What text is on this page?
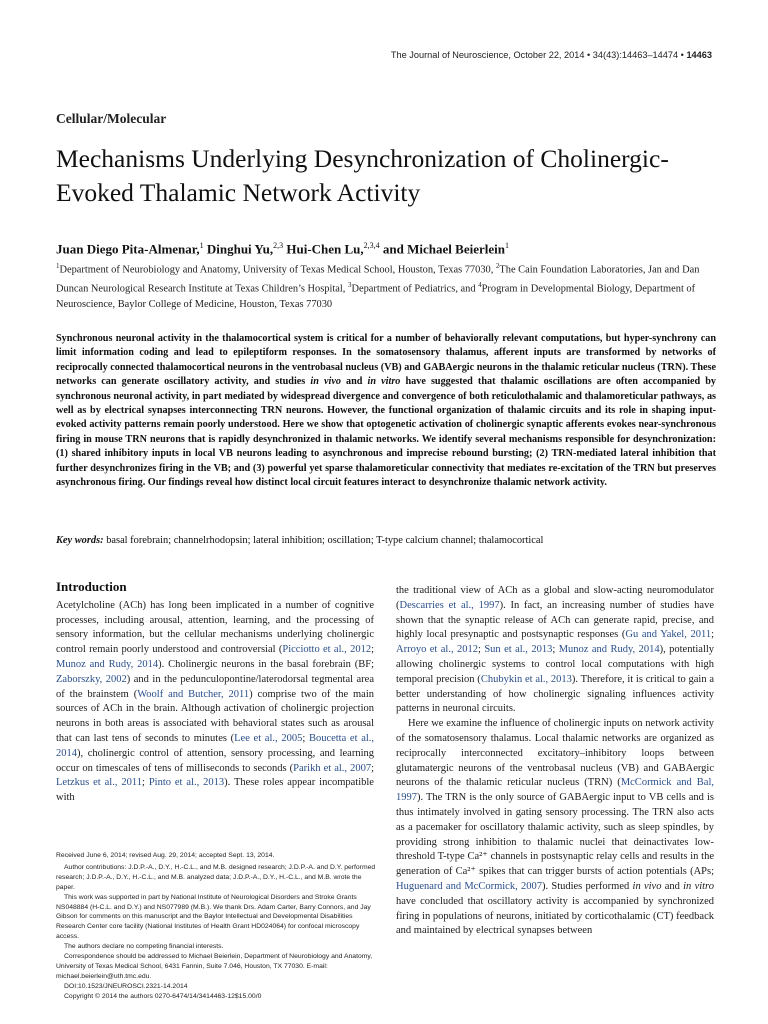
The Journal of Neuroscience, October 22, 2014 • 34(43):14463–14474 • 14463
Cellular/Molecular
Mechanisms Underlying Desynchronization of Cholinergic-Evoked Thalamic Network Activity
Juan Diego Pita-Almenar,$^1$ Dinghui Yu,$^{2,3}$ Hui-Chen Lu,$^{2,3,4}$ and Michael Beierlein$^1$
$^1$Department of Neurobiology and Anatomy, University of Texas Medical School, Houston, Texas 77030, $^2$The Cain Foundation Laboratories, Jan and Dan Duncan Neurological Research Institute at Texas Children’s Hospital, $^3$Department of Pediatrics, and $^4$Program in Developmental Biology, Department of Neuroscience, Baylor College of Medicine, Houston, Texas 77030

Synchronous neuronal activity in the thalamocortical system is critical for a number of behaviorally relevant computations, but hyper-synchrony can limit information coding and lead to epileptiform responses. In the somatosensory thalamus, afferent inputs are transformed by networks of reciprocally connected thalamocortical neurons in the ventrobasal nucleus (VB) and GABAergic neurons in the thalamic reticular nucleus (TRN). These networks can generate oscillatory activity, and studies in vivo and in vitro have suggested that thalamic oscillations are often accompanied by synchronous neuronal activity, in part mediated by widespread divergence and convergence of both reticulothalamic and thalamoreticular pathways, as well as by electrical synapses interconnecting TRN neurons. However, the functional organization of thalamic circuits and its role in shaping input-evoked activity patterns remain poorly understood. Here we show that optogenetic activation of cholinergic synaptic afferents evokes near-synchronous firing in mouse TRN neurons that is rapidly desynchronized in thalamic networks. We identify several mechanisms responsible for desynchronization: (1) shared inhibitory inputs in local VB neurons leading to asynchronous and imprecise rebound bursting; (2) TRN-mediated lateral inhibition that further desynchronizes firing in the VB; and (3) powerful yet sparse thalamoreticular connectivity that mediates re-excitation of the TRN but preserves asynchronous firing. Our findings reveal how distinct local circuit features interact to desynchronize thalamic network activity.

Key words: basal forebrain; channelrhodopsin; lateral inhibition; oscillation; T-type calcium channel; thalamocortical
Introduction

Acetylcholine (ACh) has long been implicated in a number of cognitive processes, including arousal, attention, learning, and the processing of sensory information, but the cellular mechanisms underlying cholinergic control remain poorly understood and controversial (Picciotto et al., 2012; Munoz and Rudy, 2014). Cholinergic neurons in the basal forebrain (BF; Zaborszky, 2002) and in the pedunculopontine/laterodorsal tegmental area of the brainstem (Woolf and Butcher, 2011) comprise two of the main sources of ACh in the brain. Although activation of cholinergic projection neurons in both areas is associated with behavioral states such as arousal that can last tens of seconds to minutes (Lee et al., 2005; Boucetta et al., 2014), cholinergic control of attention, sensory processing, and learning occur on timescales of tens of milliseconds to seconds (Parikh et al., 2007; Letzkus et al., 2011; Pinto et al., 2013). These roles appear incompatible with

the traditional view of ACh as a global and slow-acting neuromodulator (Descarries et al., 1997). In fact, an increasing number of studies have shown that the synaptic release of ACh can generate rapid, precise, and highly local presynaptic and postsynaptic responses (Gu and Yakel, 2011; Arroyo et al., 2012; Sun et al., 2013; Munoz and Rudy, 2014), potentially allowing cholinergic systems to control local computations with high temporal precision (Chubykin et al., 2013). Therefore, it is critical to gain a better understanding of how cholinergic signaling influences activity patterns in neuronal circuits.

Here we examine the influence of cholinergic inputs on network activity of the somatosensory thalamus. Local thalamic networks are organized as reciprocally interconnected excitatory–inhibitory loops between glutamatergic neurons of the ventrobasal nucleus (VB) and GABAergic neurons of the thalamic reticular nucleus (TRN) (McCormick and Bal, 1997). The TRN is the only source of GABAergic input to VB cells and is thus intimately involved in gating sensory processing. The TRN also acts as a pacemaker for oscillatory thalamic activity, such as sleep spindles, by providing strong inhibition to thalamic nuclei that deinactivates low-threshold T-type Ca²⁺ channels in postsynaptic relay cells and results in the generation of Ca²⁺ spikes that can trigger bursts of action potentials (APs; Huguenard and McCormick, 2007). Studies performed in vivo and in vitro have concluded that oscillatory activity is accompanied by synchronized firing in populations of neurons, initiated by corticothalamic (CT) feedback and maintained by electrical synapses between

Received June 6, 2014; revised Aug. 29, 2014; accepted Sept. 13, 2014.
Author contributions: J.D.P.-A., D.Y., H.-C.L., and M.B. designed research; J.D.P.-A. and D.Y. performed research; J.D.P.-A., D.Y., H.-C.L., and M.B. analyzed data; J.D.P.-A., D.Y., H.-C.L., and M.B. wrote the paper.
This work was supported in part by National Institute of Neurological Disorders and Stroke Grants NS048884 (H-C.L. and D.Y.) and NS077989 (M.B.). We thank Drs. Adam Carter, Barry Connors, and Jay Gibson for comments on this manuscript and the Baylor Intellectual and Developmental Disabilities Research Center core facility (National Institutes of Health Grant HD024064) for confocal microscopy access.
The authors declare no competing financial interests.
Correspondence should be addressed to Michael Beierlein, Department of Neurobiology and Anatomy, University of Texas Medical School, 6431 Fannin, Suite 7.046, Houston, TX 77030. E-mail: michael.beierlein@uth.tmc.edu.
DOI:10.1523/JNEUROSCI.2321-14.2014
Copyright © 2014 the authors 0270-6474/14/3414463-12$15.00/0
